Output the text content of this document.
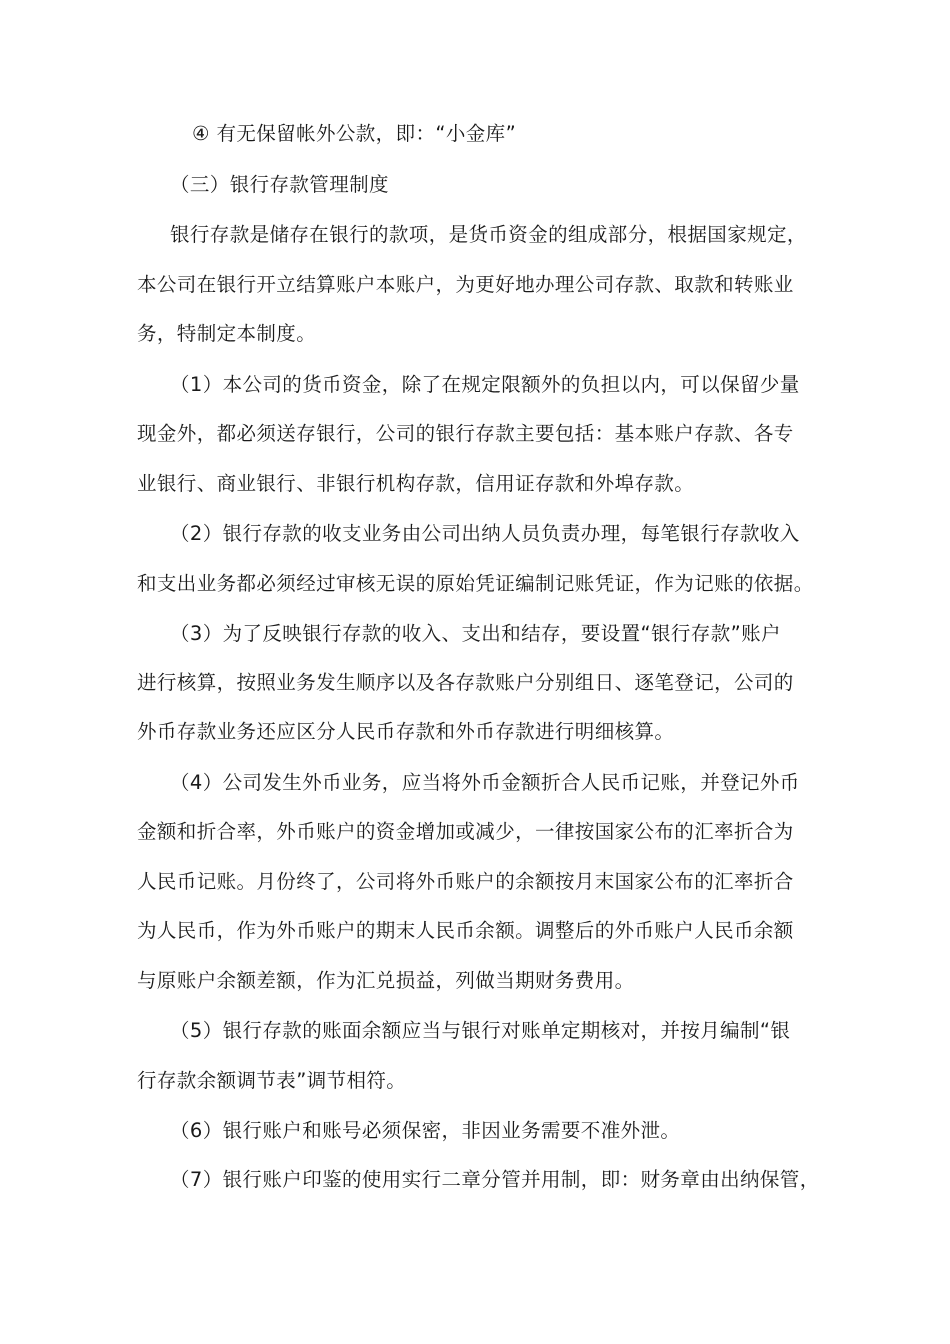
④ 有无保留帐外公款，即：“小金库”
（三）银行存款管理制度
银行存款是储存在银行的款项，是货币资金的组成部分，根据国家规定，
本公司在银行开立结算账户本账户，为更好地办理公司存款、取款和转账业
务，特制定本制度。
（1）本公司的货币资金，除了在规定限额外的负担以内，可以保留少量
现金外，都必须送存银行，公司的银行存款主要包括：基本账户存款、各专
业银行、商业银行、非银行机构存款，信用证存款和外埠存款。
（2）银行存款的收支业务由公司出纳人员负责办理，每笔银行存款收入
和支出业务都必须经过审核无误的原始凭证编制记账凭证，作为记账的依据。
（3）为了反映银行存款的收入、支出和结存，要设置“银行存款”账户
进行核算，按照业务发生顺序以及各存款账户分别组日、逐笔登记，公司的
外币存款业务还应区分人民币存款和外币存款进行明细核算。
（4）公司发生外币业务，应当将外币金额折合人民币记账，并登记外币
金额和折合率，外币账户的资金增加或减少，一律按国家公布的汇率折合为
人民币记账。月份终了，公司将外币账户的余额按月末国家公布的汇率折合
为人民币，作为外币账户的期末人民币余额。调整后的外币账户人民币余额
与原账户余额差额，作为汇兑损益，列做当期财务费用。
（5）银行存款的账面余额应当与银行对账单定期核对，并按月编制“银
行存款余额调节表”调节相符。
（6）银行账户和账号必须保密，非因业务需要不准外泄。
（7）银行账户印鉴的使用实行二章分管并用制，即：财务章由出纳保管，
